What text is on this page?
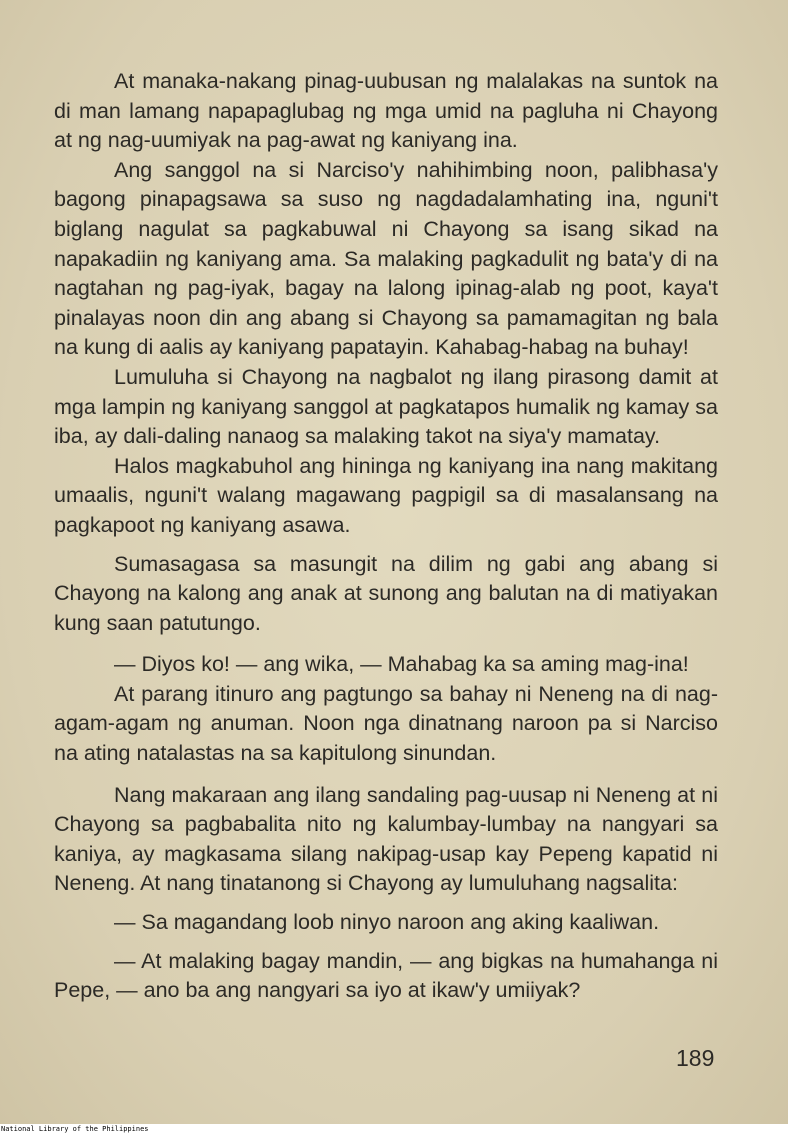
At manaka-nakang pinag-uubusan ng malalakas na suntok na di man lamang napapaglubag ng mga umid na pagluha ni Chayong at ng nag-uumiyak na pag-awat ng kaniyang ina.

Ang sanggol na si Narciso'y nahihimbing noon, palibhasa'y bagong pinapagsawa sa suso ng nagdadalamhating ina, nguni't biglang nagulat sa pagkabuwal ni Chayong sa isang sikad na napakadiin ng kaniyang ama. Sa malaking pagkadulit ng bata'y di na nagtahan ng pag-iyak, bagay na lalong ipinag-alab ng poot, kaya't pinalayas noon din ang abang si Chayong sa pamamagitan ng bala na kung di aalis ay kaniyang papatayin. Kahabag-habag na buhay!

Lumuluha si Chayong na nagbalot ng ilang pirasong damit at mga lampin ng kaniyang sanggol at pagkatapos humalik ng kamay sa iba, ay dali-daling nanaog sa malaking takot na siya'y mamatay.

Halos magkabuhol ang hininga ng kaniyang ina nang makitang umaalis, nguni't walang magawang pagpigil sa di masalansang na pagkapoot ng kaniyang asawa.

Sumasagasa sa masungit na dilim ng gabi ang abang si Chayong na kalong ang anak at sunong ang balutan na di matiyakan kung saan patutungo.

— Diyos ko! — ang wika, — Mahabag ka sa aming mag-ina!

At parang itinuro ang pagtungo sa bahay ni Neneng na di nag-agam-agam ng anuman. Noon nga dinatnang naroon pa si Narciso na ating natalastas na sa kapitulong sinundan.

Nang makaraan ang ilang sandaling pag-uusap ni Neneng at ni Chayong sa pagbabalita nito ng kalumbay-lumbay na nangyari sa kaniya, ay magkasama silang nakipag-usap kay Pepeng kapatid ni Neneng. At nang tinatanong si Chayong ay lumuluhang nagsalita:

— Sa magandang loob ninyo naroon ang aking kaaliwan.

— At malaking bagay mandin, — ang bigkas na humahanga ni Pepe, — ano ba ang nangyari sa iyo at ikaw'y umiiyak?

189
National Library of the Philippines
